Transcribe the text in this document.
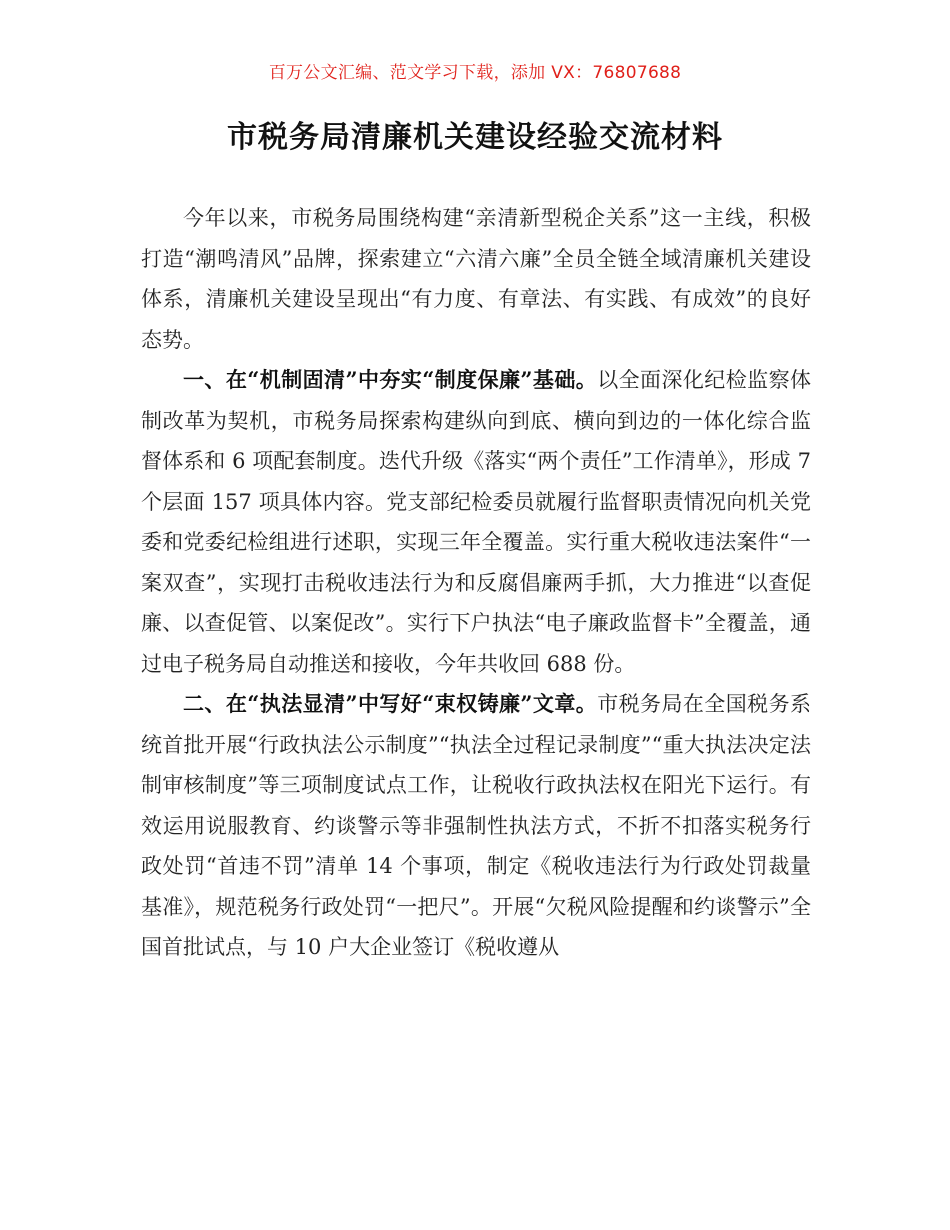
百万公文汇编、范文学习下载，添加 VX：76807688
市税务局清廉机关建设经验交流材料

今年以来，市税务局围绕构建“亲清新型税企关系”这一主线，积极打造“潮鸣清风”品牌，探索建立“六清六廉”全员全链全域清廉机关建设体系，清廉机关建设呈现出“有力度、有章法、有实践、有成效”的良好态势。

一、在“机制固清”中夯实“制度保廉”基础。以全面深化纪检监察体制改革为契机，市税务局探索构建纵向到底、横向到边的一体化综合监督体系和 6 项配套制度。迭代升级《落实“两个责任”工作清单》，形成 7 个层面 157 项具体内容。党支部纪检委员就履行监督职责情况向机关党委和党委纪检组进行述职，实现三年全覆盖。实行重大税收违法案件“一案双查”，实现打击税收违法行为和反腐倡廉两手抓，大力推进“以查促廉、以查促管、以案促改”。实行下户执法“电子廉政监督卡”全覆盖，通过电子税务局自动推送和接收，今年共收回 688 份。

二、在“执法显清”中写好“束权铸廉”文章。市税务局在全国税务系统首批开展“行政执法公示制度”“执法全过程记录制度”“重大执法决定法制审核制度”等三项制度试点工作，让税收行政执法权在阳光下运行。有效运用说服教育、约谈警示等非强制性执法方式，不折不扣落实税务行政处罚“首违不罚”清单 14 个事项，制定《税收违法行为行政处罚裁量基准》，规范税务行政处罚“一把尺”。开展“欠税风险提醒和约谈警示”全国首批试点，与 10 户大企业签订《税收遵从
